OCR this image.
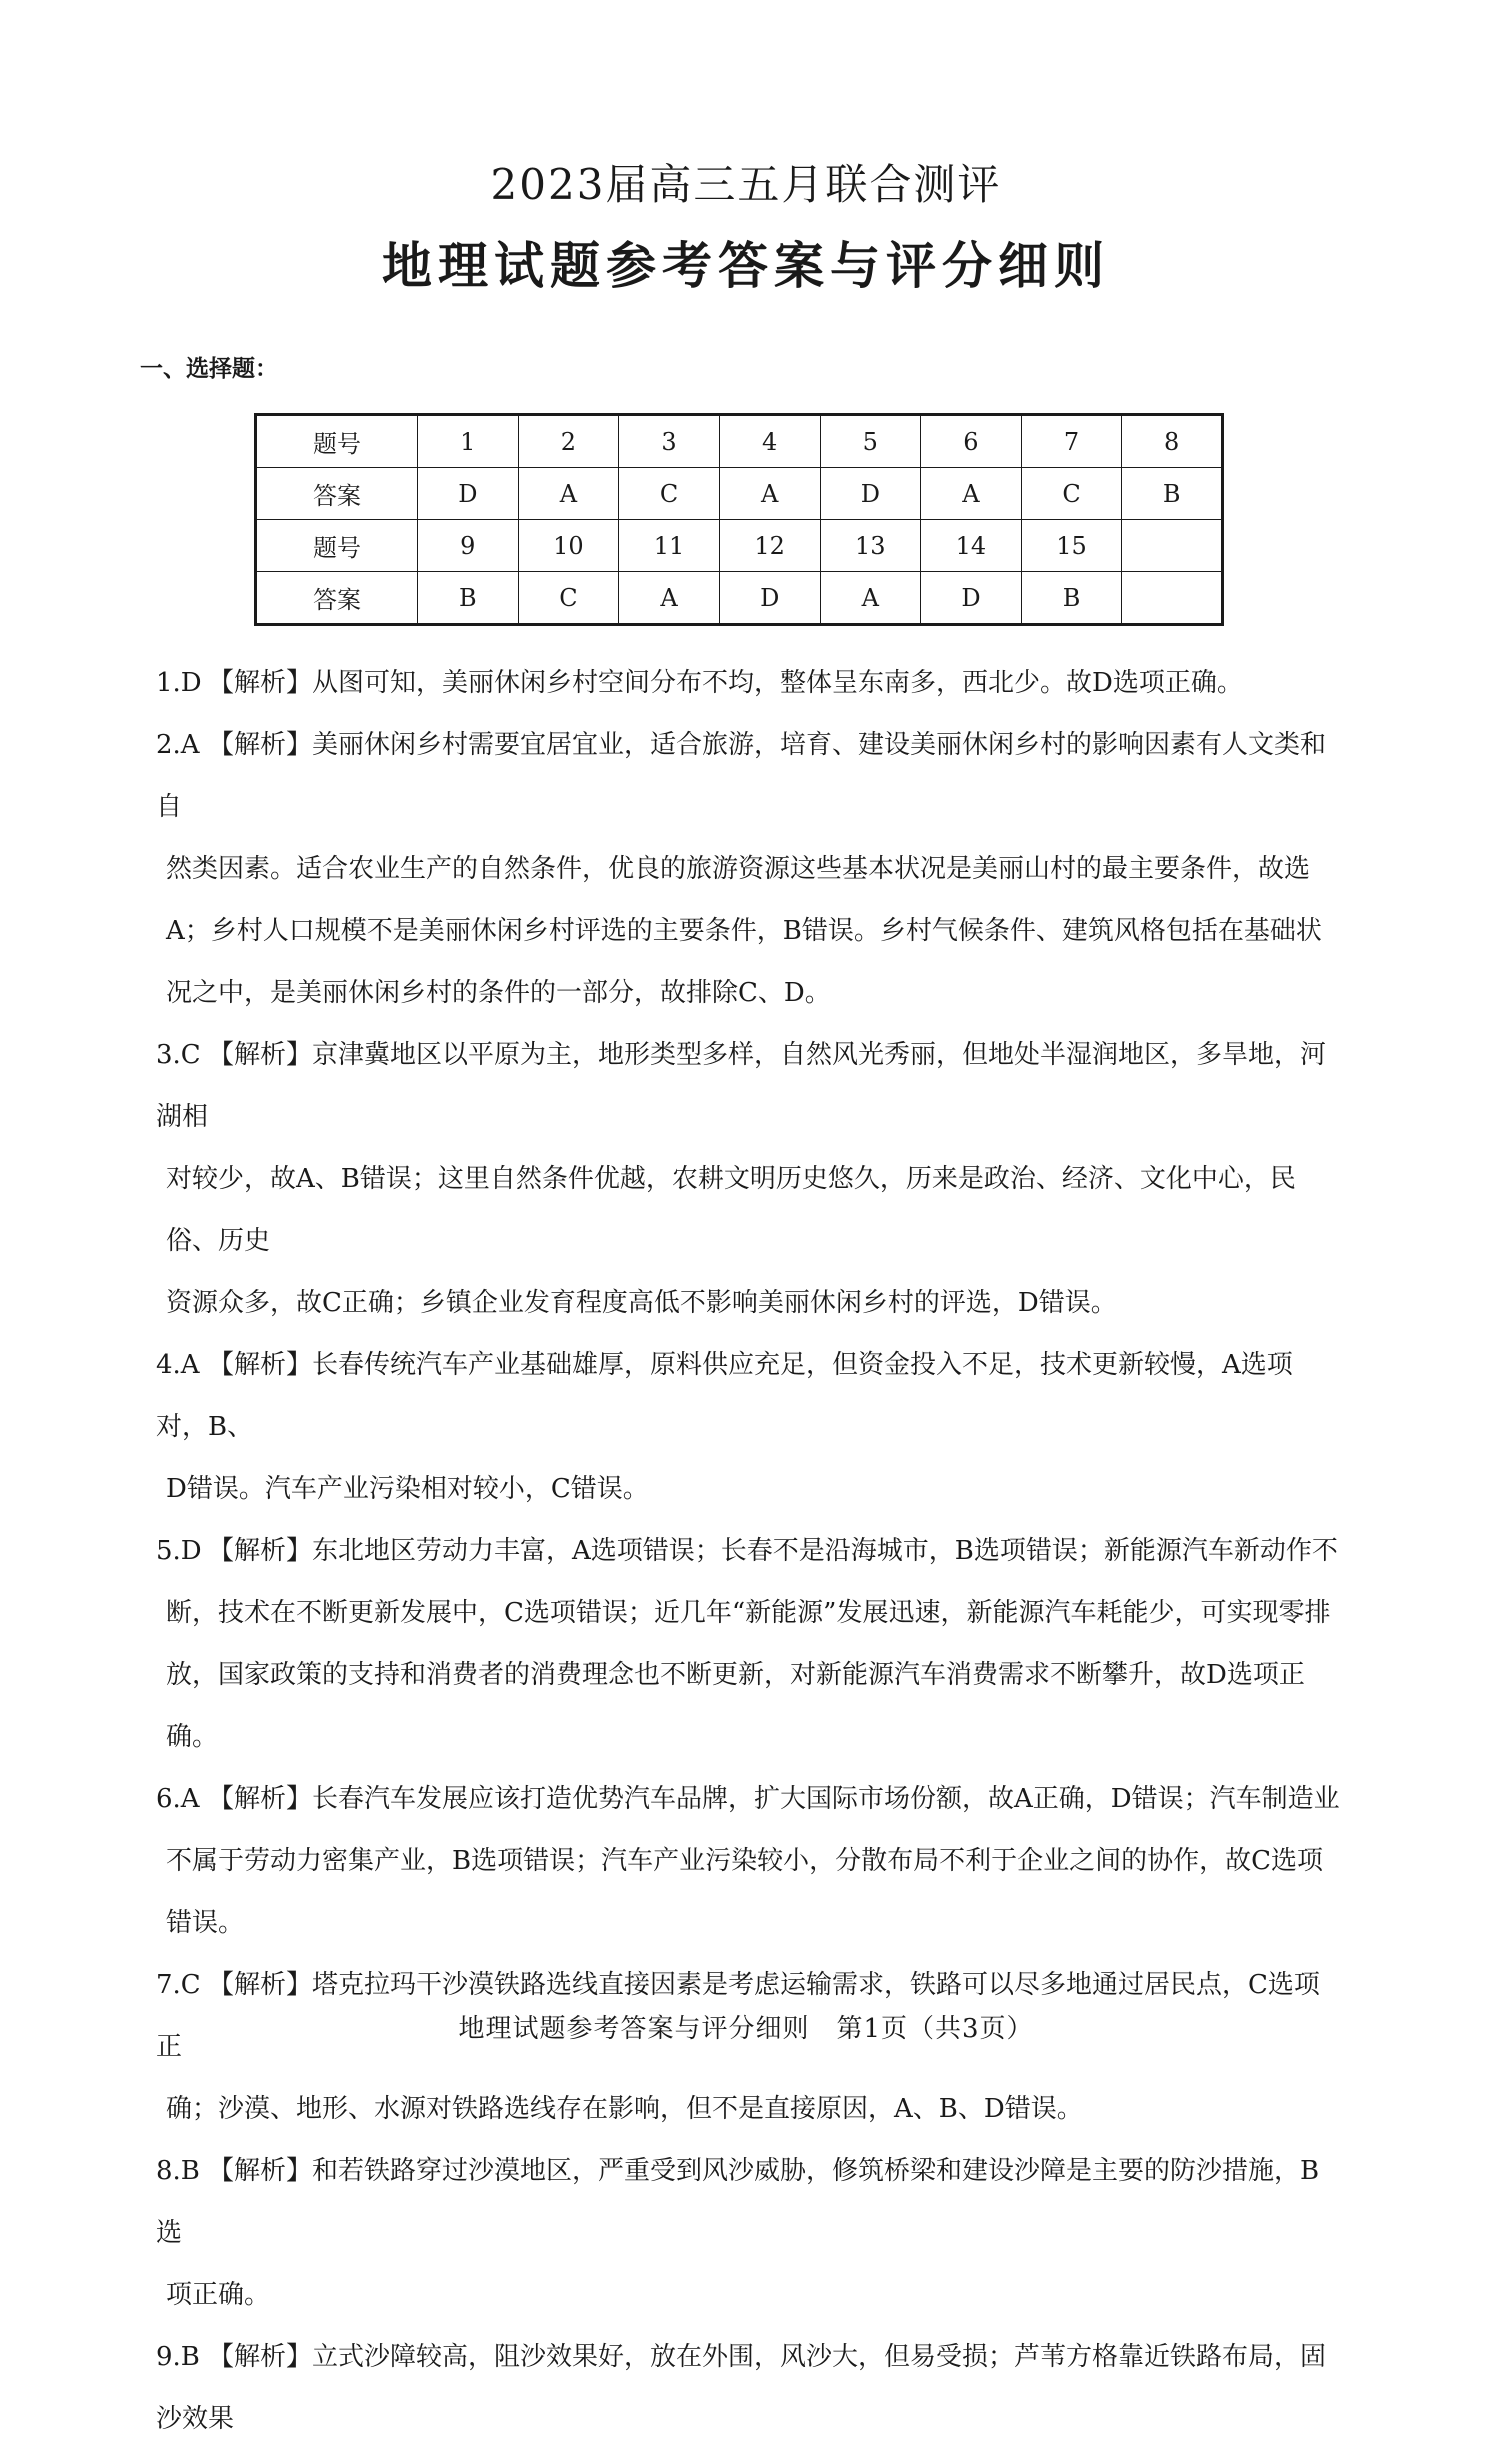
2023届高三五月联合测评
地理试题参考答案与评分细则
一、选择题：
题号	1	2	3	4	5	6	7	8
答案	D	A	C	A	D	A	C	B
题号	9	10	11	12	13	14	15	
答案	B	C	A	D	A	D	B	
1.D 【解析】从图可知，美丽休闲乡村空间分布不均，整体呈东南多，西北少。故D选项正确。
2.A 【解析】美丽休闲乡村需要宜居宜业，适合旅游，培育、建设美丽休闲乡村的影响因素有人文类和自
然类因素。适合农业生产的自然条件，优良的旅游资源这些基本状况是美丽山村的最主要条件，故选
A；乡村人口规模不是美丽休闲乡村评选的主要条件，B错误。乡村气候条件、建筑风格包括在基础状
况之中，是美丽休闲乡村的条件的一部分，故排除C、D。
3.C 【解析】京津冀地区以平原为主，地形类型多样，自然风光秀丽，但地处半湿润地区，多旱地，河湖相
对较少，故A、B错误；这里自然条件优越，农耕文明历史悠久，历来是政治、经济、文化中心，民俗、历史
资源众多，故C正确；乡镇企业发育程度高低不影响美丽休闲乡村的评选，D错误。
4.A 【解析】长春传统汽车产业基础雄厚，原料供应充足，但资金投入不足，技术更新较慢，A选项对，B、
D错误。汽车产业污染相对较小，C错误。
5.D 【解析】东北地区劳动力丰富，A选项错误；长春不是沿海城市，B选项错误；新能源汽车新动作不
断，技术在不断更新发展中，C选项错误；近几年“新能源”发展迅速，新能源汽车耗能少，可实现零排
放，国家政策的支持和消费者的消费理念也不断更新，对新能源汽车消费需求不断攀升，故D选项正
确。
6.A 【解析】长春汽车发展应该打造优势汽车品牌，扩大国际市场份额，故A正确，D错误；汽车制造业
不属于劳动力密集产业，B选项错误；汽车产业污染较小，分散布局不利于企业之间的协作，故C选项
错误。
7.C 【解析】塔克拉玛干沙漠铁路选线直接因素是考虑运输需求，铁路可以尽多地通过居民点，C选项正
确；沙漠、地形、水源对铁路选线存在影响，但不是直接原因，A、B、D错误。
8.B 【解析】和若铁路穿过沙漠地区，严重受到风沙威胁，修筑桥梁和建设沙障是主要的防沙措施，B选
项正确。
9.B 【解析】立式沙障较高，阻沙效果好，放在外围，风沙大，但易受损；芦苇方格靠近铁路布局，固沙效果
地理试题参考答案与评分细则　第1页（共3页）
